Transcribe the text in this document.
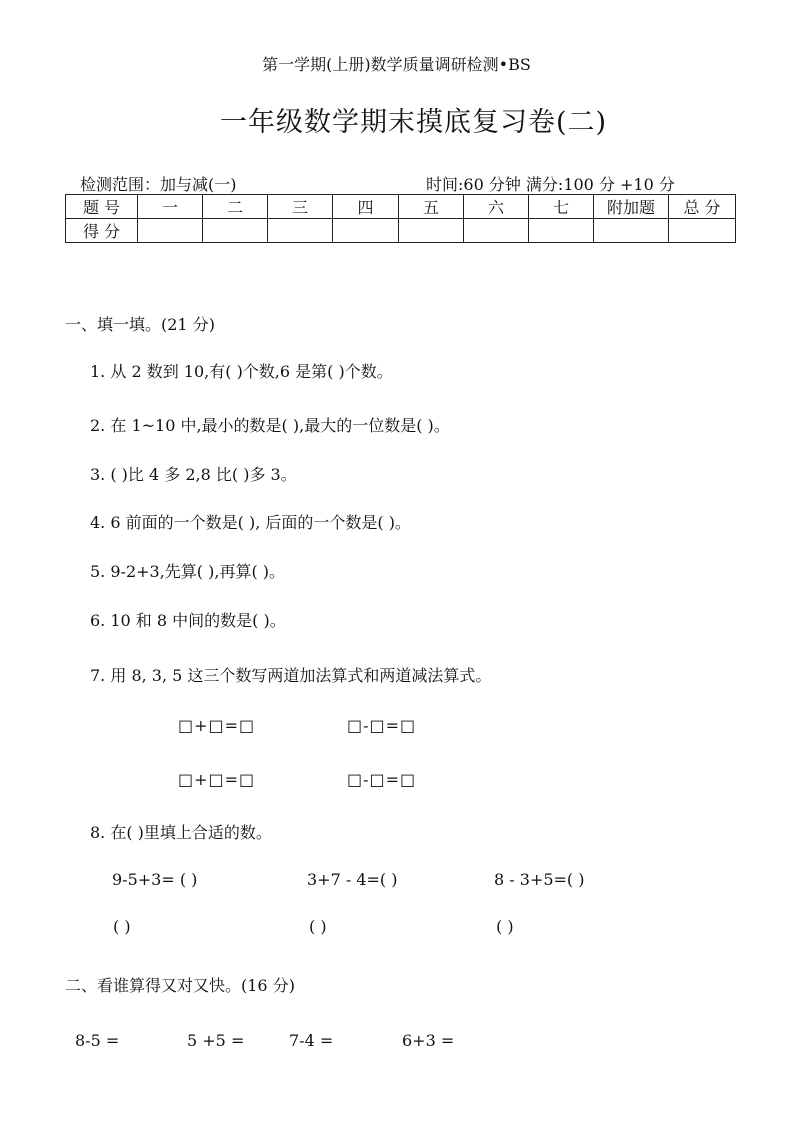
第一学期(上册)数学质量调研检测•BS
一年级数学期末摸底复习卷(二)
检测范围：加与减(一)	时间:60 分钟 满分:100 分 +10 分
题 号	一	二	三	四	五	六	七	附加题	总 分
得 分									
一、填一填。(21 分)
1. 从 2 数到 10,有( )个数,6 是第( )个数。
2. 在 1~10 中,最小的数是( ),最大的一位数是( )。
3. ( )比 4 多 2,8 比( )多 3。
4. 6 前面的一个数是( ), 后面的一个数是( )。
5. 9-2+3,先算( ),再算( )。
6. 10 和 8 中间的数是( )。
7. 用 8, 3, 5 这三个数写两道加法算式和两道减法算式。
□+□=□	□-□=□
□+□=□	□-□=□
8. 在( )里填上合适的数。
9-5+3= ( )	3+7 - 4=( )	8 - 3+5=( )
( )	( )	( )
二、看谁算得又对又快。(16 分)
8-5 =	5 +5 =	7-4 =	6+3 =
